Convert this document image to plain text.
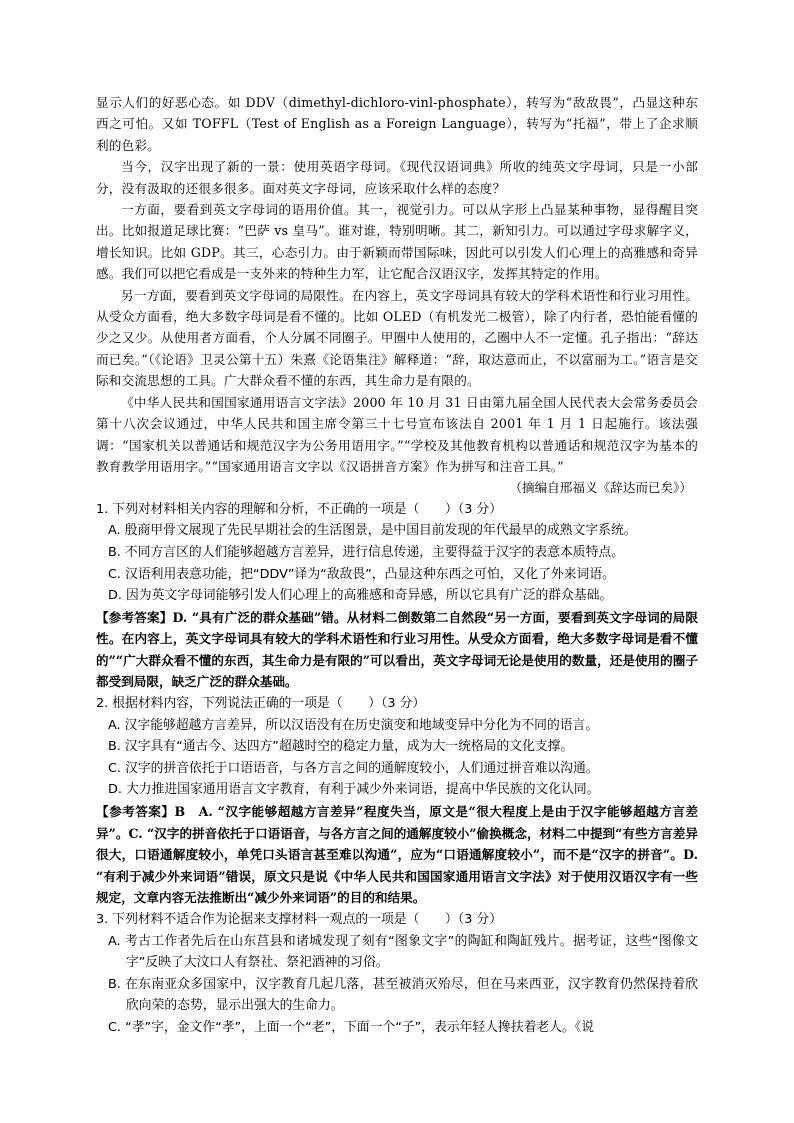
显示人们的好恶心态。如 DDV（dimethyl-dichloro-vinl-phosphate），转写为“敌敌畏”，凸显这种东西之可怕。又如 TOFFL（Test of English as a Foreign Language），转写为“托福”，带上了企求顺利的色彩。

当今，汉字出现了新的一景：使用英语字母词。《现代汉语词典》所收的纯英文字母词，只是一小部分，没有汲取的还很多很多。面对英文字母词，应该采取什么样的态度？

一方面，要看到英文字母词的语用价值。其一，视觉引力。可以从字形上凸显某种事物，显得醒目突出。比如报道足球比赛：“巴萨 vs 皇马”。谁对谁，特别明晰。其二，新知引力。可以通过字母求解字义，增长知识。比如 GDP。其三，心态引力。由于新颖而带国际味，因此可以引发人们心理上的高雅感和奇异感。我们可以把它看成是一支外来的特种生力军，让它配合汉语汉字，发挥其特定的作用。

另一方面，要看到英文字母词的局限性。在内容上，英文字母词具有较大的学科术语性和行业习用性。从受众方面看，绝大多数字母词是看不懂的。比如 OLED（有机发光二极管），除了内行者，恐怕能看懂的少之又少。从使用者方面看，个人分属不同圈子。甲圈中人使用的，乙圈中人不一定懂。孔子指出：“辞达而已矣。”（《论语》卫灵公第十五）朱熹《论语集注》解释道：“辞，取达意而止，不以富丽为工。”语言是交际和交流思想的工具。广大群众看不懂的东西，其生命力是有限的。

《中华人民共和国国家通用语言文字法》2000 年 10 月 31 日由第九届全国人民代表大会常务委员会第十八次会议通过，中华人民共和国主席令第三十七号宣布该法自 2001 年 1 月 1 日起施行。该法强调：“国家机关以普通话和规范汉字为公务用语用字。”“学校及其他教育机构以普通话和规范汉字为基本的教育教学用语用字。”“国家通用语言文字以《汉语拼音方案》作为拼写和注音工具。”

（摘编自邢福义《辞达而已矣》）

1. 下列对材料相关内容的理解和分析，不正确的一项是（　　）（3 分）

A. 殷商甲骨文展现了先民早期社会的生活图景，是中国目前发现的年代最早的成熟文字系统。

B. 不同方言区的人们能够超越方言差异，进行信息传递，主要得益于汉字的表意本质特点。

C. 汉语利用表意功能，把“DDV”译为“敌敌畏”，凸显这种东西之可怕，又化了外来词语。

D. 因为英文字母词能够引发人们心理上的高雅感和奇异感，所以它具有广泛的群众基础。

【参考答案】D. “具有广泛的群众基础”错。从材料二倒数第二自然段“另一方面，要看到英文字母词的局限性。在内容上，英文字母词具有较大的学科术语性和行业习用性。从受众方面看，绝大多数字母词是看不懂的”“广大群众看不懂的东西，其生命力是有限的”可以看出，英文字母词无论是使用的数量，还是使用的圈子都受到局限，缺乏广泛的群众基础。

2. 根据材料内容，下列说法正确的一项是（　　）（3 分）

A. 汉字能够超越方言差异，所以汉语没有在历史演变和地域变异中分化为不同的语言。

B. 汉字具有“通古今、达四方”超越时空的稳定力量，成为大一统格局的文化支撑。

C. 汉字的拼音依托于口语语音，与各方言之间的通解度较小，人们通过拼音难以沟通。

D. 大力推进国家通用语言文字教育，有利于减少外来词语，提高中华民族的文化认同。

【参考答案】B　A. “汉字能够超越方言差异”程度失当，原文是“很大程度上是由于汉字能够超越方言差异”。C. “汉字的拼音依托于口语语音，与各方言之间的通解度较小”偷换概念，材料二中提到“有些方言差异很大，口语通解度较小，单凭口头语言甚至难以沟通”，应为“口语通解度较小”，而不是“汉字的拼音”。D. “有利于减少外来词语”错误，原文只是说《中华人民共和国国家通用语言文字法》对于使用汉语汉字有一些规定，文章内容无法推断出“减少外来词语”的目的和结果。

3. 下列材料不适合作为论据来支撑材料一观点的一项是（　　）（3 分）

A. 考古工作者先后在山东莒县和诸城发现了刻有“图象文字”的陶缸和陶缸残片。据考证，这些“图像文字”反映了大汶口人有祭社、祭祀酒神的习俗。

B. 在东南亚众多国家中，汉字教育几起几落，甚至被消灭殆尽，但在马来西亚，汉字教育仍然保持着欣欣向荣的态势，显示出强大的生命力。

C. “孝”字，金文作“孝”，上面一个“老”，下面一个“子”，表示年轻人搀扶着老人。《说
